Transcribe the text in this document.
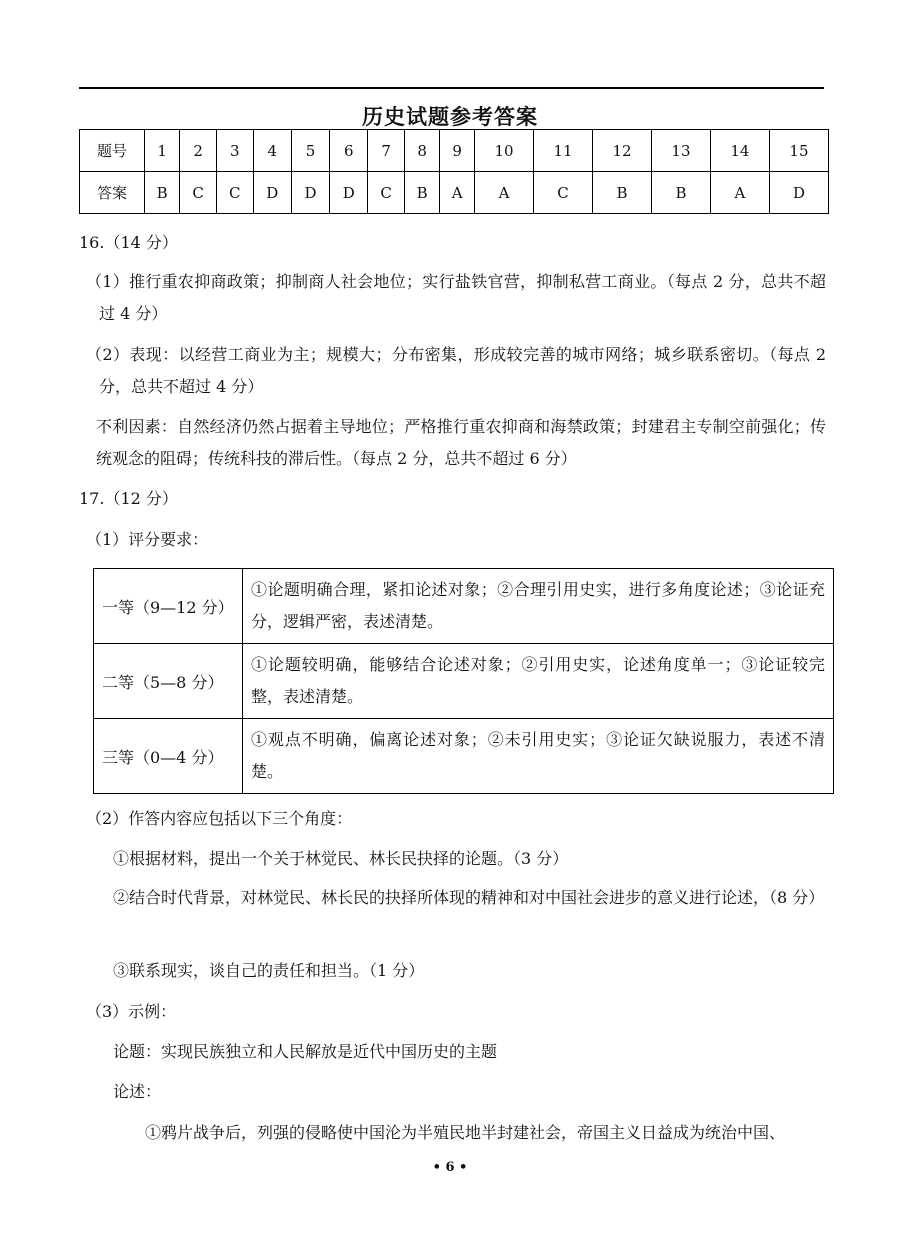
历史试题参考答案
题号	1	2	3	4	5	6	7	8	9	10	11	12	13	14	15
答案	B	C	C	D	D	D	C	B	A	A	C	B	B	A	D
16.（14 分）
（1）推行重农抑商政策；抑制商人社会地位；实行盐铁官营，抑制私营工商业。（每点 2 分，总共不超过 4 分）
（2）表现：以经营工商业为主；规模大；分布密集，形成较完善的城市网络；城乡联系密切。（每点 2 分，总共不超过 4 分）
不利因素：自然经济仍然占据着主导地位；严格推行重农抑商和海禁政策；封建君主专制空前强化；传统观念的阻碍；传统科技的滞后性。（每点 2 分，总共不超过 6 分）
17.（12 分）
（1）评分要求：
一等（9—12 分）	①论题明确合理，紧扣论述对象；②合理引用史实，进行多角度论述；③论证充分，逻辑严密，表述清楚。
二等（5—8 分）	①论题较明确，能够结合论述对象；②引用史实，论述角度单一；③论证较完整，表述清楚。
三等（0—4 分）	①观点不明确，偏离论述对象；②未引用史实；③论证欠缺说服力，表述不清楚。
（2）作答内容应包括以下三个角度：
①根据材料，提出一个关于林觉民、林长民抉择的论题。（3 分）
②结合时代背景，对林觉民、林长民的抉择所体现的精神和对中国社会进步的意义进行论述，（8 分）
③联系现实，谈自己的责任和担当。（1 分）
（3）示例：
论题：实现民族独立和人民解放是近代中国历史的主题
论述：
①鸦片战争后，列强的侵略使中国沦为半殖民地半封建社会，帝国主义日益成为统治中国、
• 6 •
